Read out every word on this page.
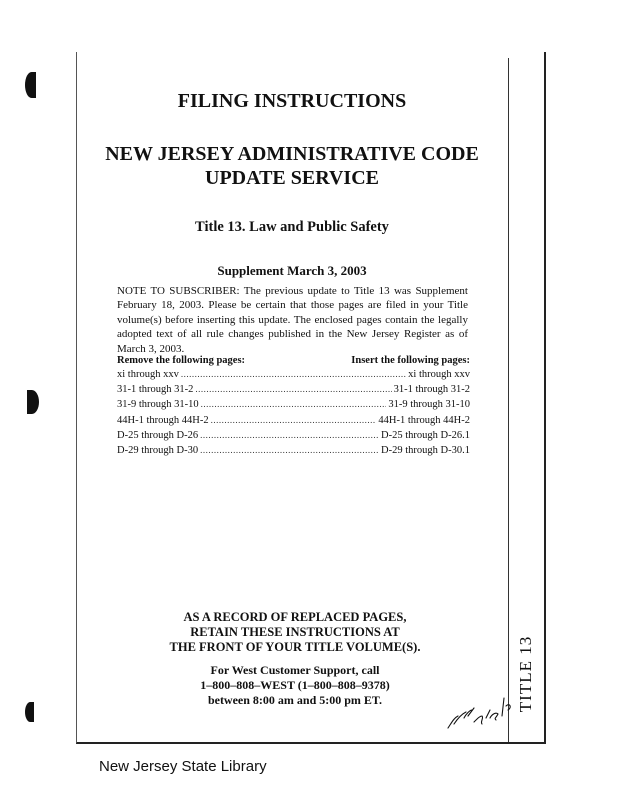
TITLE 13
FILING INSTRUCTIONS
NEW JERSEY ADMINISTRATIVE CODE
UPDATE SERVICE
Title 13. Law and Public Safety
Supplement March 3, 2003
NOTE TO SUBSCRIBER: The previous update to Title 13 was Supplement February 18, 2003. Please be certain that those pages are filed in your Title volume(s) before inserting this update. The enclosed pages contain the legally adopted text of all rule changes published in the New Jersey Register as of March 3, 2003.
Remove the following pages:	Insert the following pages:
xi through xxv .....	xi through xxv
31-1 through 31-2 .....	31-1 through 31-2
31-9 through 31-10 .....	31-9 through 31-10
44H-1 through 44H-2 .....	44H-1 through 44H-2
D-25 through D-26 .....	D-25 through D-26.1
D-29 through D-30 .....	D-29 through D-30.1
AS A RECORD OF REPLACED PAGES,
RETAIN THESE INSTRUCTIONS AT
THE FRONT OF YOUR TITLE VOLUME(S).
For West Customer Support, call
1–800–808–WEST (1–800–808–9378)
between 8:00 am and 5:00 pm ET.
New Jersey State Library
